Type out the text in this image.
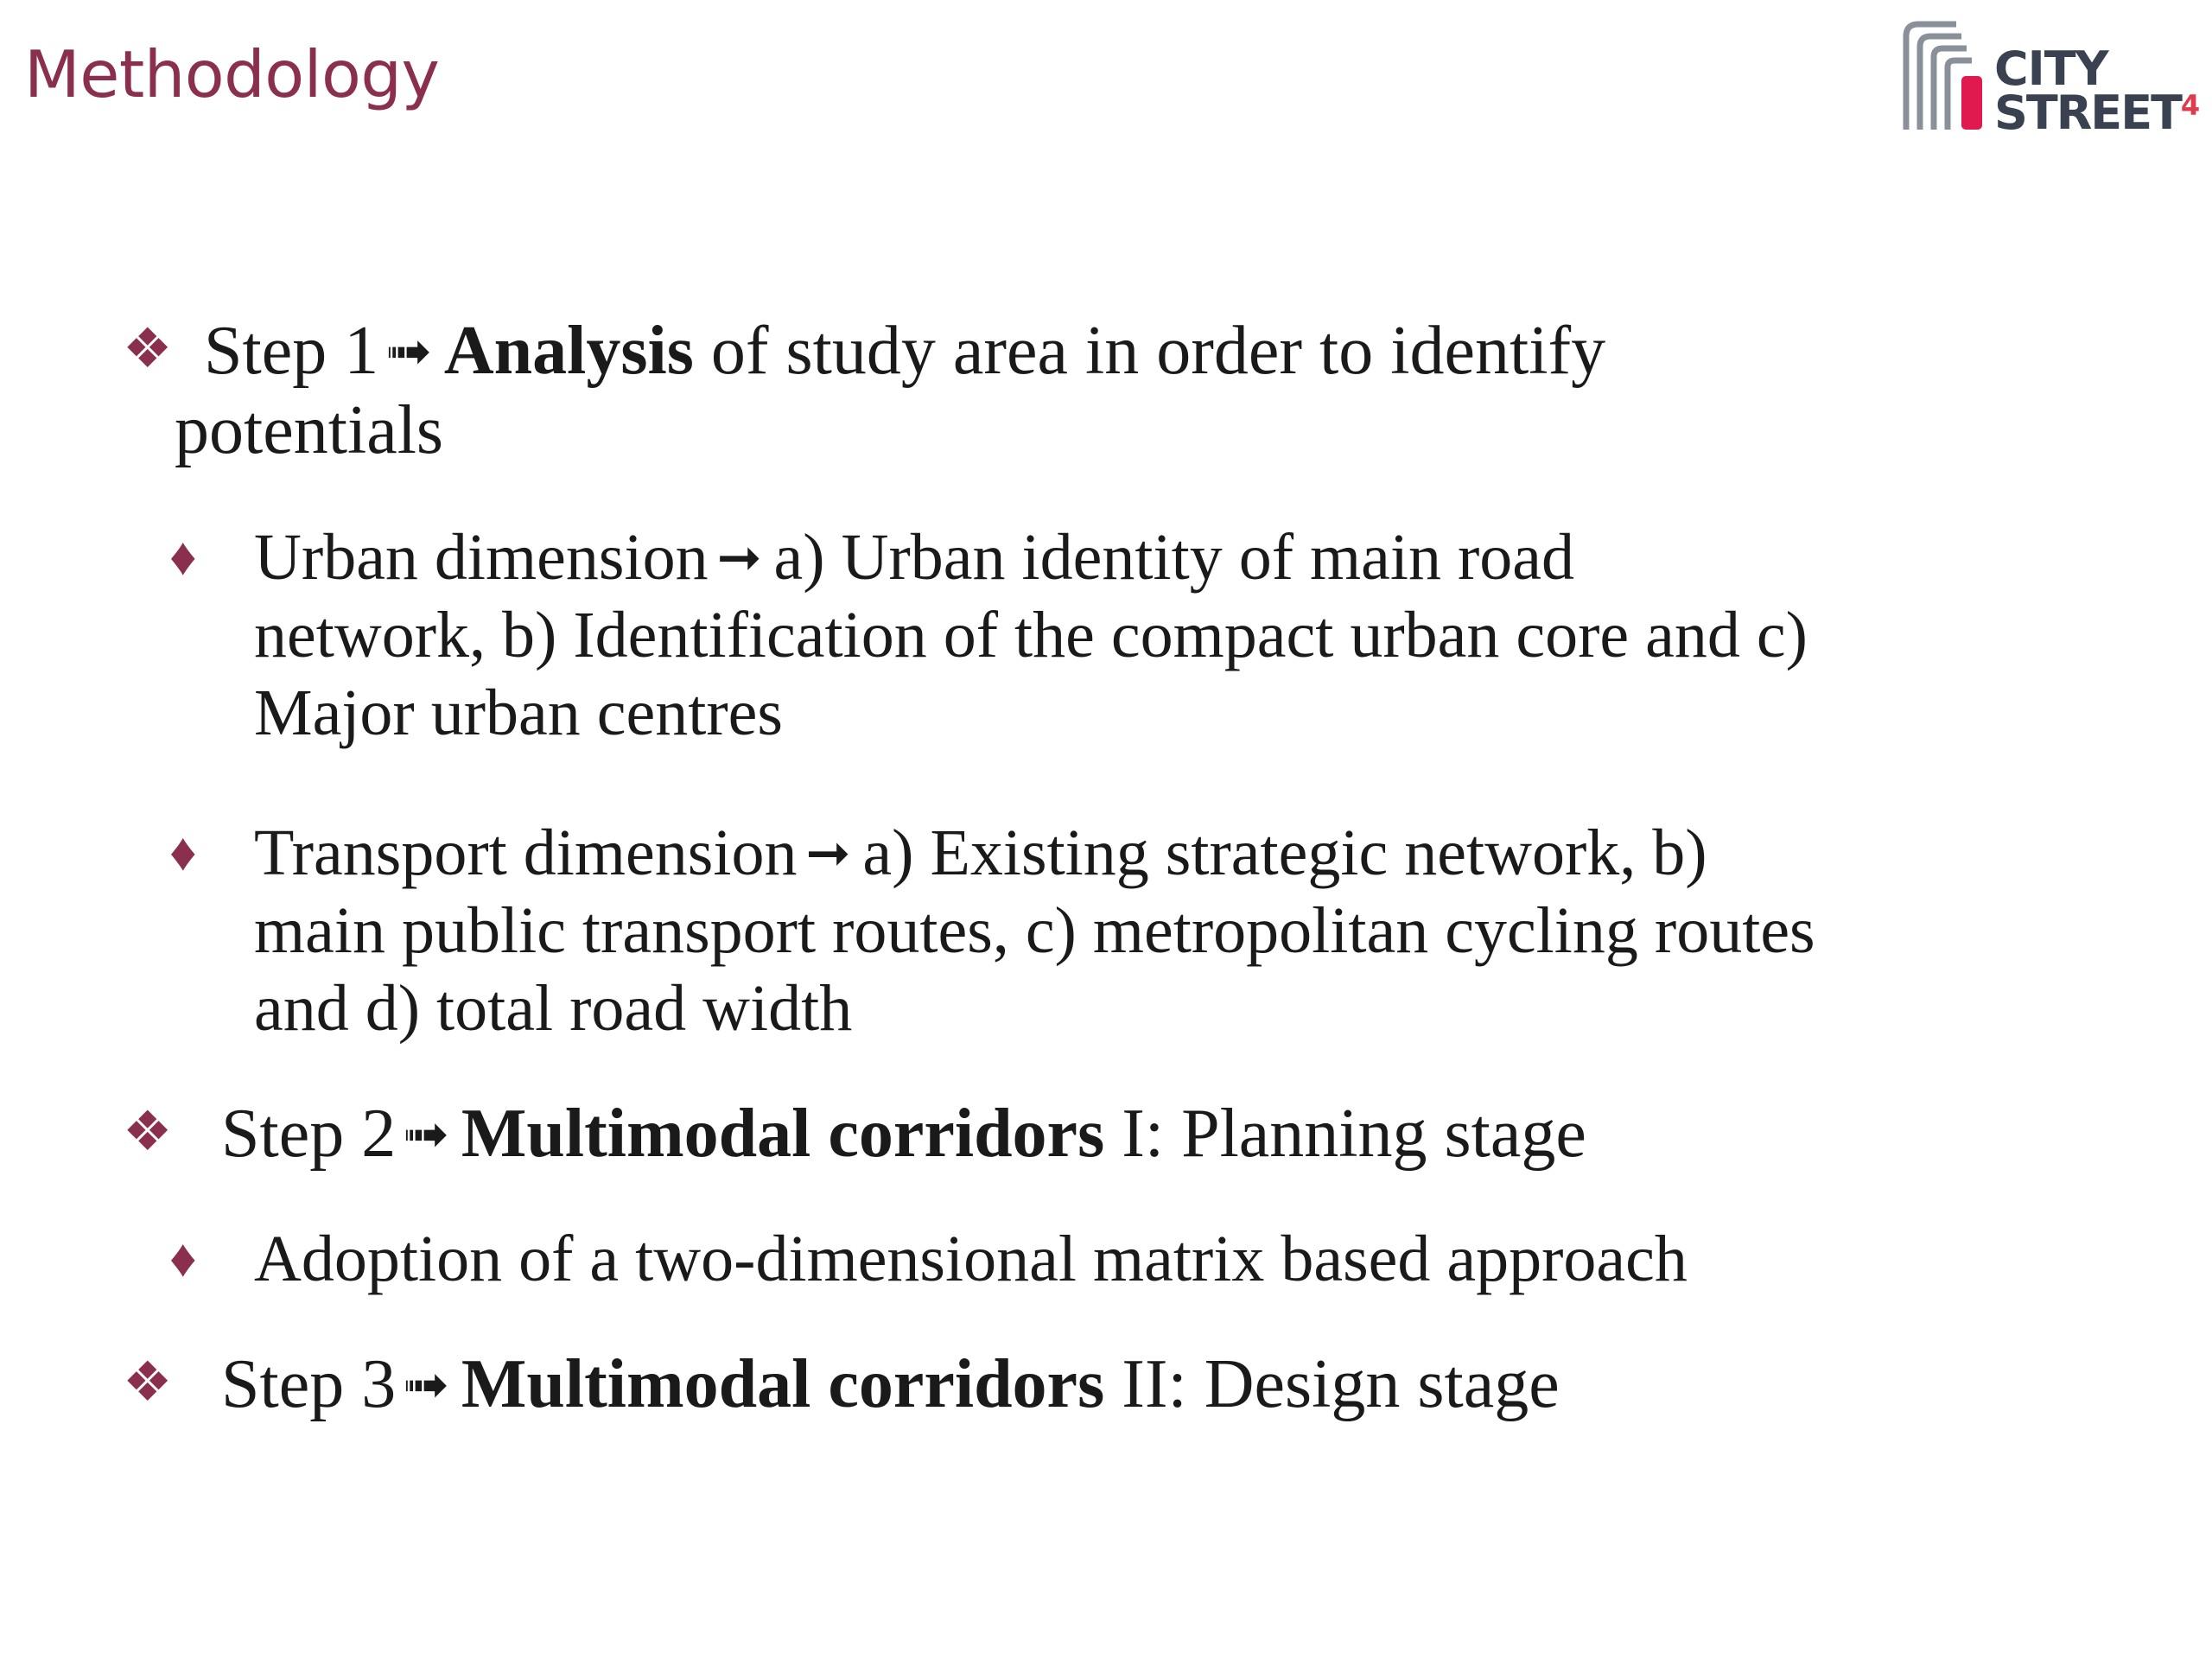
Methodology	CITY
STREET$^4$
❖ Step 1 ➟ Analysis of study area in order to identify
potentials
♦ Urban dimension ➞ a) Urban identity of main road
network, b) Identification of the compact urban core and c)
Major urban centres
♦ Transport dimension ➞ a) Existing strategic network, b)
main public transport routes, c) metropolitan cycling routes
and d) total road width
❖ Step 2 ➟ Multimodal corridors I: Planning stage
♦ Adoption of a two-dimensional matrix based approach
❖ Step 3 ➟ Multimodal corridors II: Design stage
